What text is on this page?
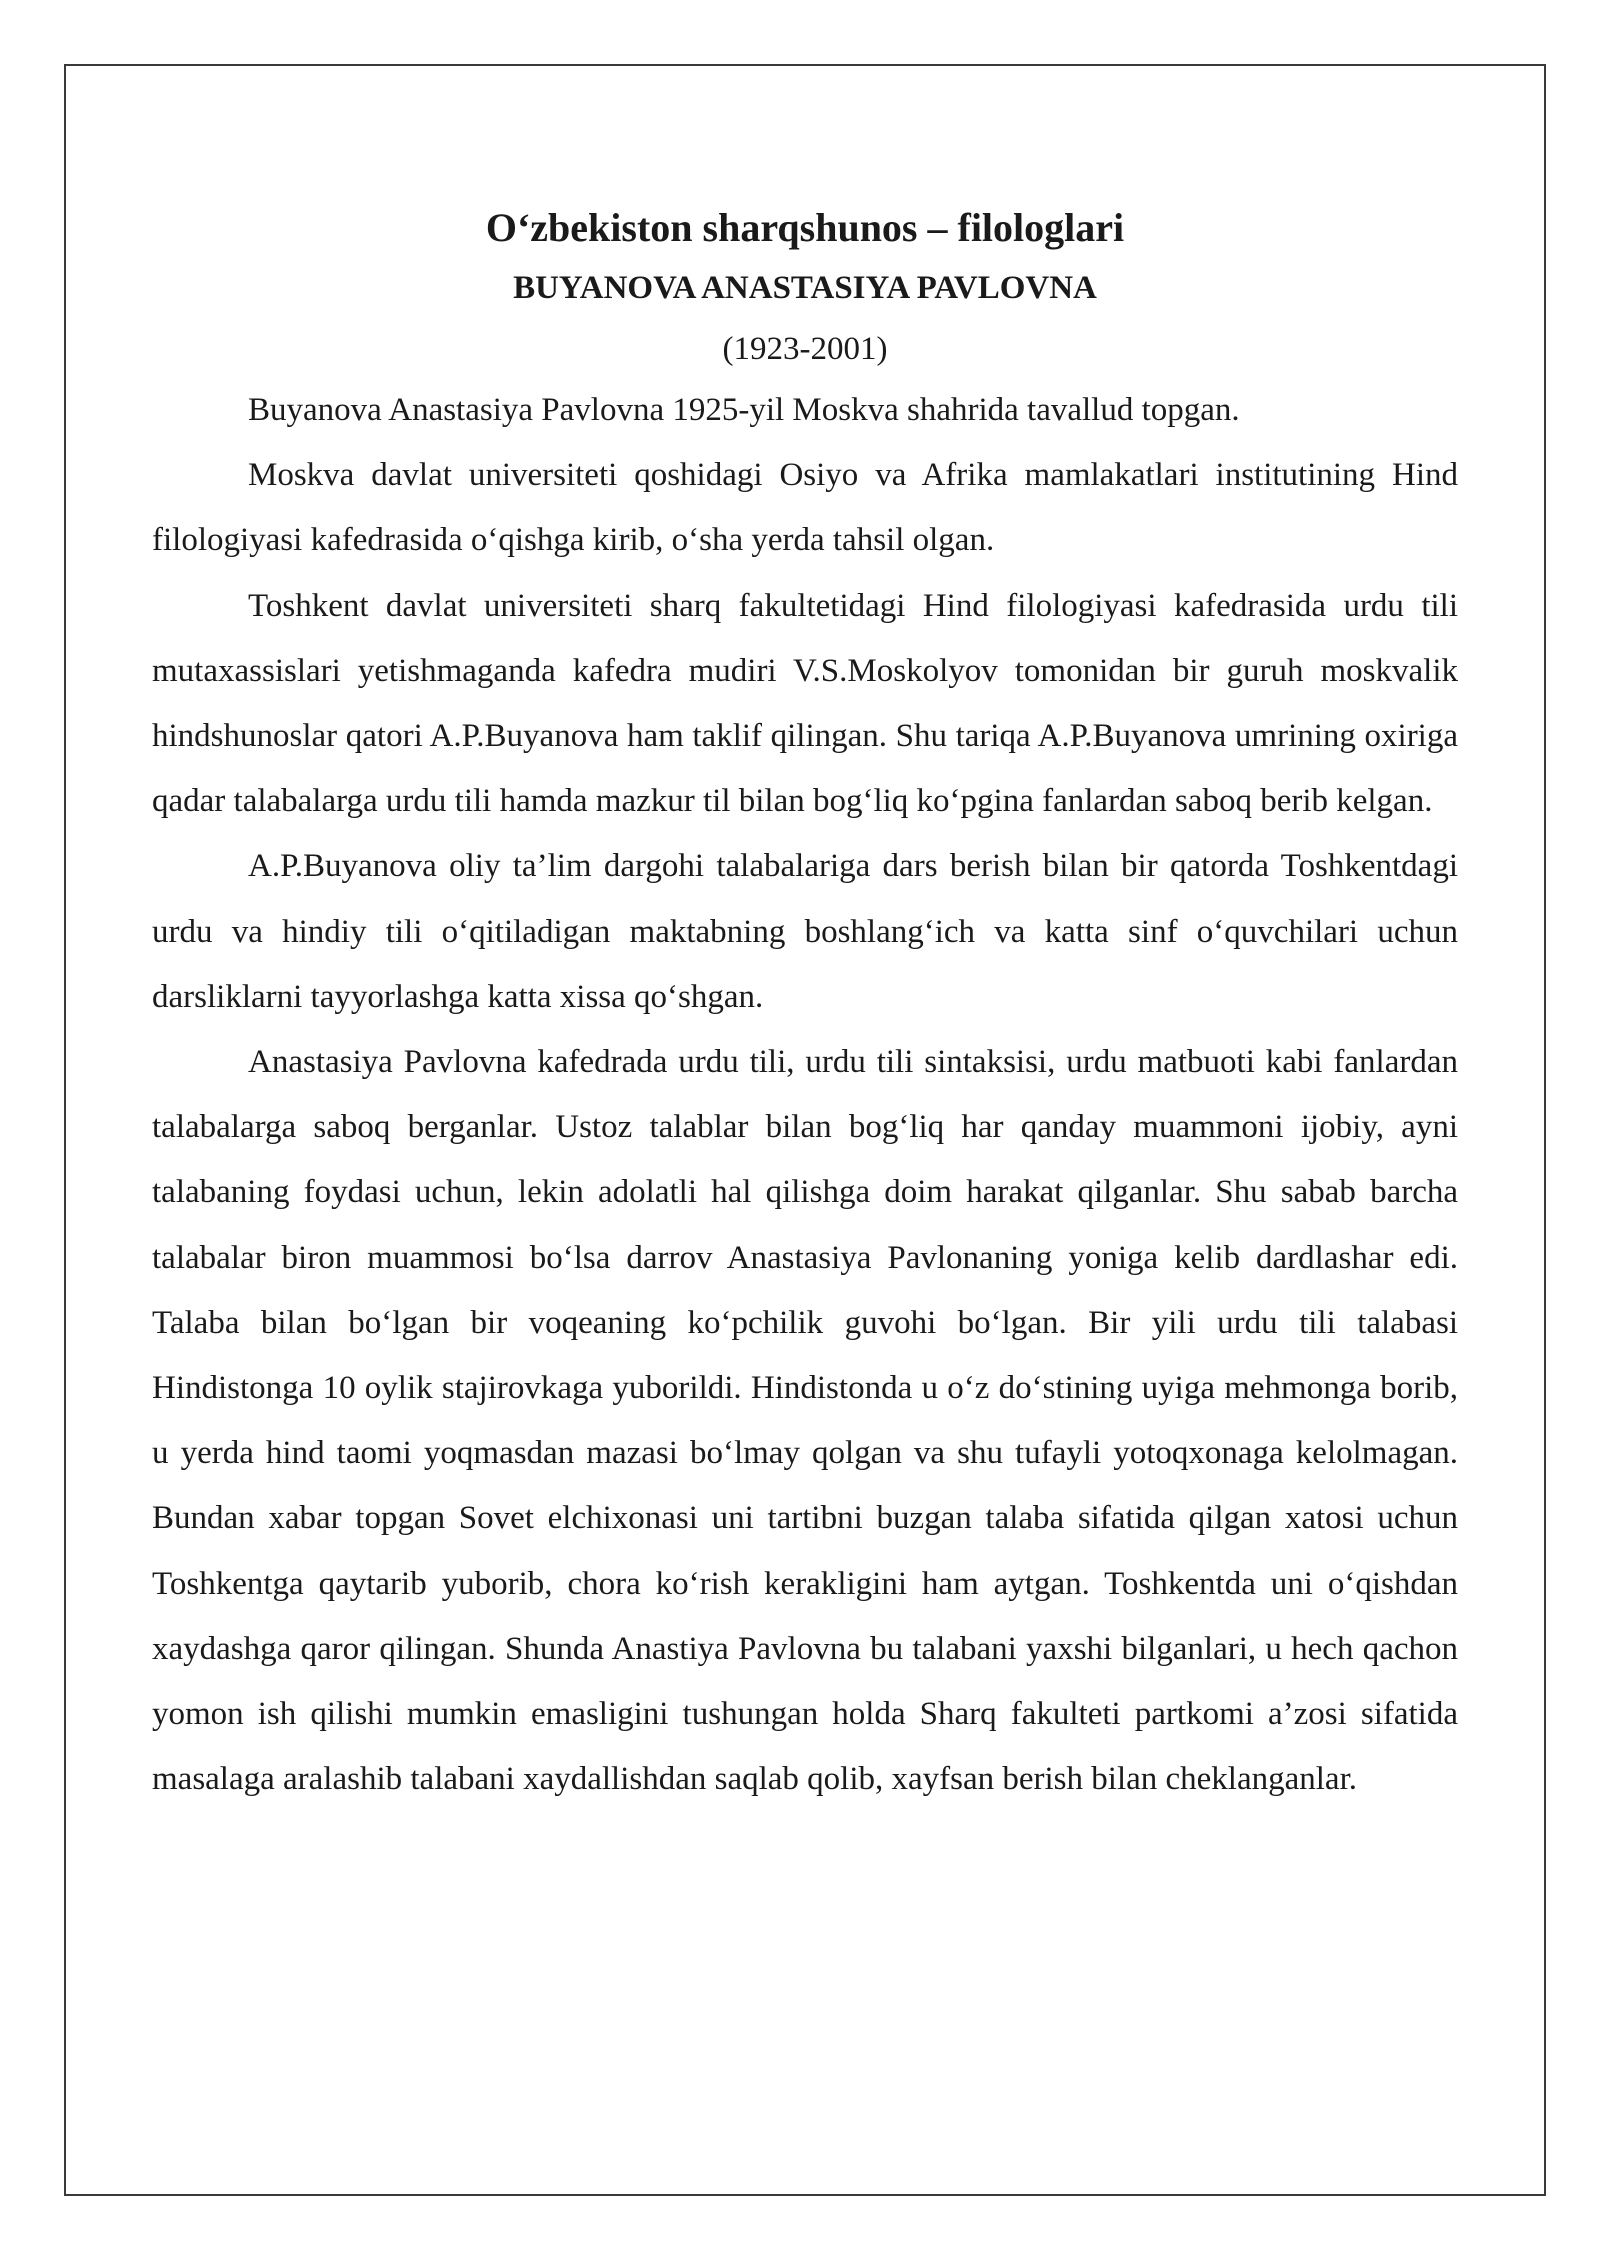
O‘zbekiston sharqshunos – filologlari
BUYANOVA ANASTASIYA PAVLOVNA
(1923-2001)

Buyanova Anastasiya Pavlovna 1925-yil Moskva shahrida tavallud topgan.

Moskva davlat universiteti qoshidagi Osiyo va Afrika mamlakatlari institutining Hind filologiyasi kafedrasida o‘qishga kirib, o‘sha yerda tahsil olgan.

Toshkent davlat universiteti sharq fakultetidagi Hind filologiyasi kafedrasida urdu tili mutaxassislari yetishmaganda kafedra mudiri V.S.Moskolyov tomonidan bir guruh moskvalik hindshunoslar qatori A.P.Buyanova ham taklif qilingan. Shu tariqa A.P.Buyanova umrining oxiriga qadar talabalarga urdu tili hamda mazkur til bilan bog‘liq ko‘pgina fanlardan saboq berib kelgan.

A.P.Buyanova oliy ta’lim dargohi talabalariga dars berish bilan bir qatorda Toshkentdagi urdu va hindiy tili o‘qitiladigan maktabning boshlang‘ich va katta sinf o‘quvchilari uchun darsliklarni tayyorlashga katta xissa qo‘shgan.

Anastasiya Pavlovna kafedrada urdu tili, urdu tili sintaksisi, urdu matbuoti kabi fanlardan talabalarga saboq berganlar. Ustoz talablar bilan bog‘liq har qanday muammoni ijobiy, ayni talabaning foydasi uchun, lekin adolatli hal qilishga doim harakat qilganlar. Shu sabab barcha talabalar biron muammosi bo‘lsa darrov Anastasiya Pavlonaning yoniga kelib dardlashar edi. Talaba bilan bo‘lgan bir voqeaning ko‘pchilik guvohi bo‘lgan. Bir yili urdu tili talabasi Hindistonga 10 oylik stajirovkaga yuborildi. Hindistonda u o‘z do‘stining uyiga mehmonga borib, u yerda hind taomi yoqmasdan mazasi bo‘lmay qolgan va shu tufayli yotoqxonaga kelolmagan. Bundan xabar topgan Sovet elchixonasi uni tartibni buzgan talaba sifatida qilgan xatosi uchun Toshkentga qaytarib yuborib, chora ko‘rish kerakligini ham aytgan. Toshkentda uni o‘qishdan xaydashga qaror qilingan. Shunda Anastiya Pavlovna bu talabani yaxshi bilganlari, u hech qachon yomon ish qilishi mumkin emasligini tushungan holda Sharq fakulteti partkomi a’zosi sifatida masalaga aralashib talabani xaydallishdan saqlab qolib, xayfsan berish bilan cheklanganlar.
